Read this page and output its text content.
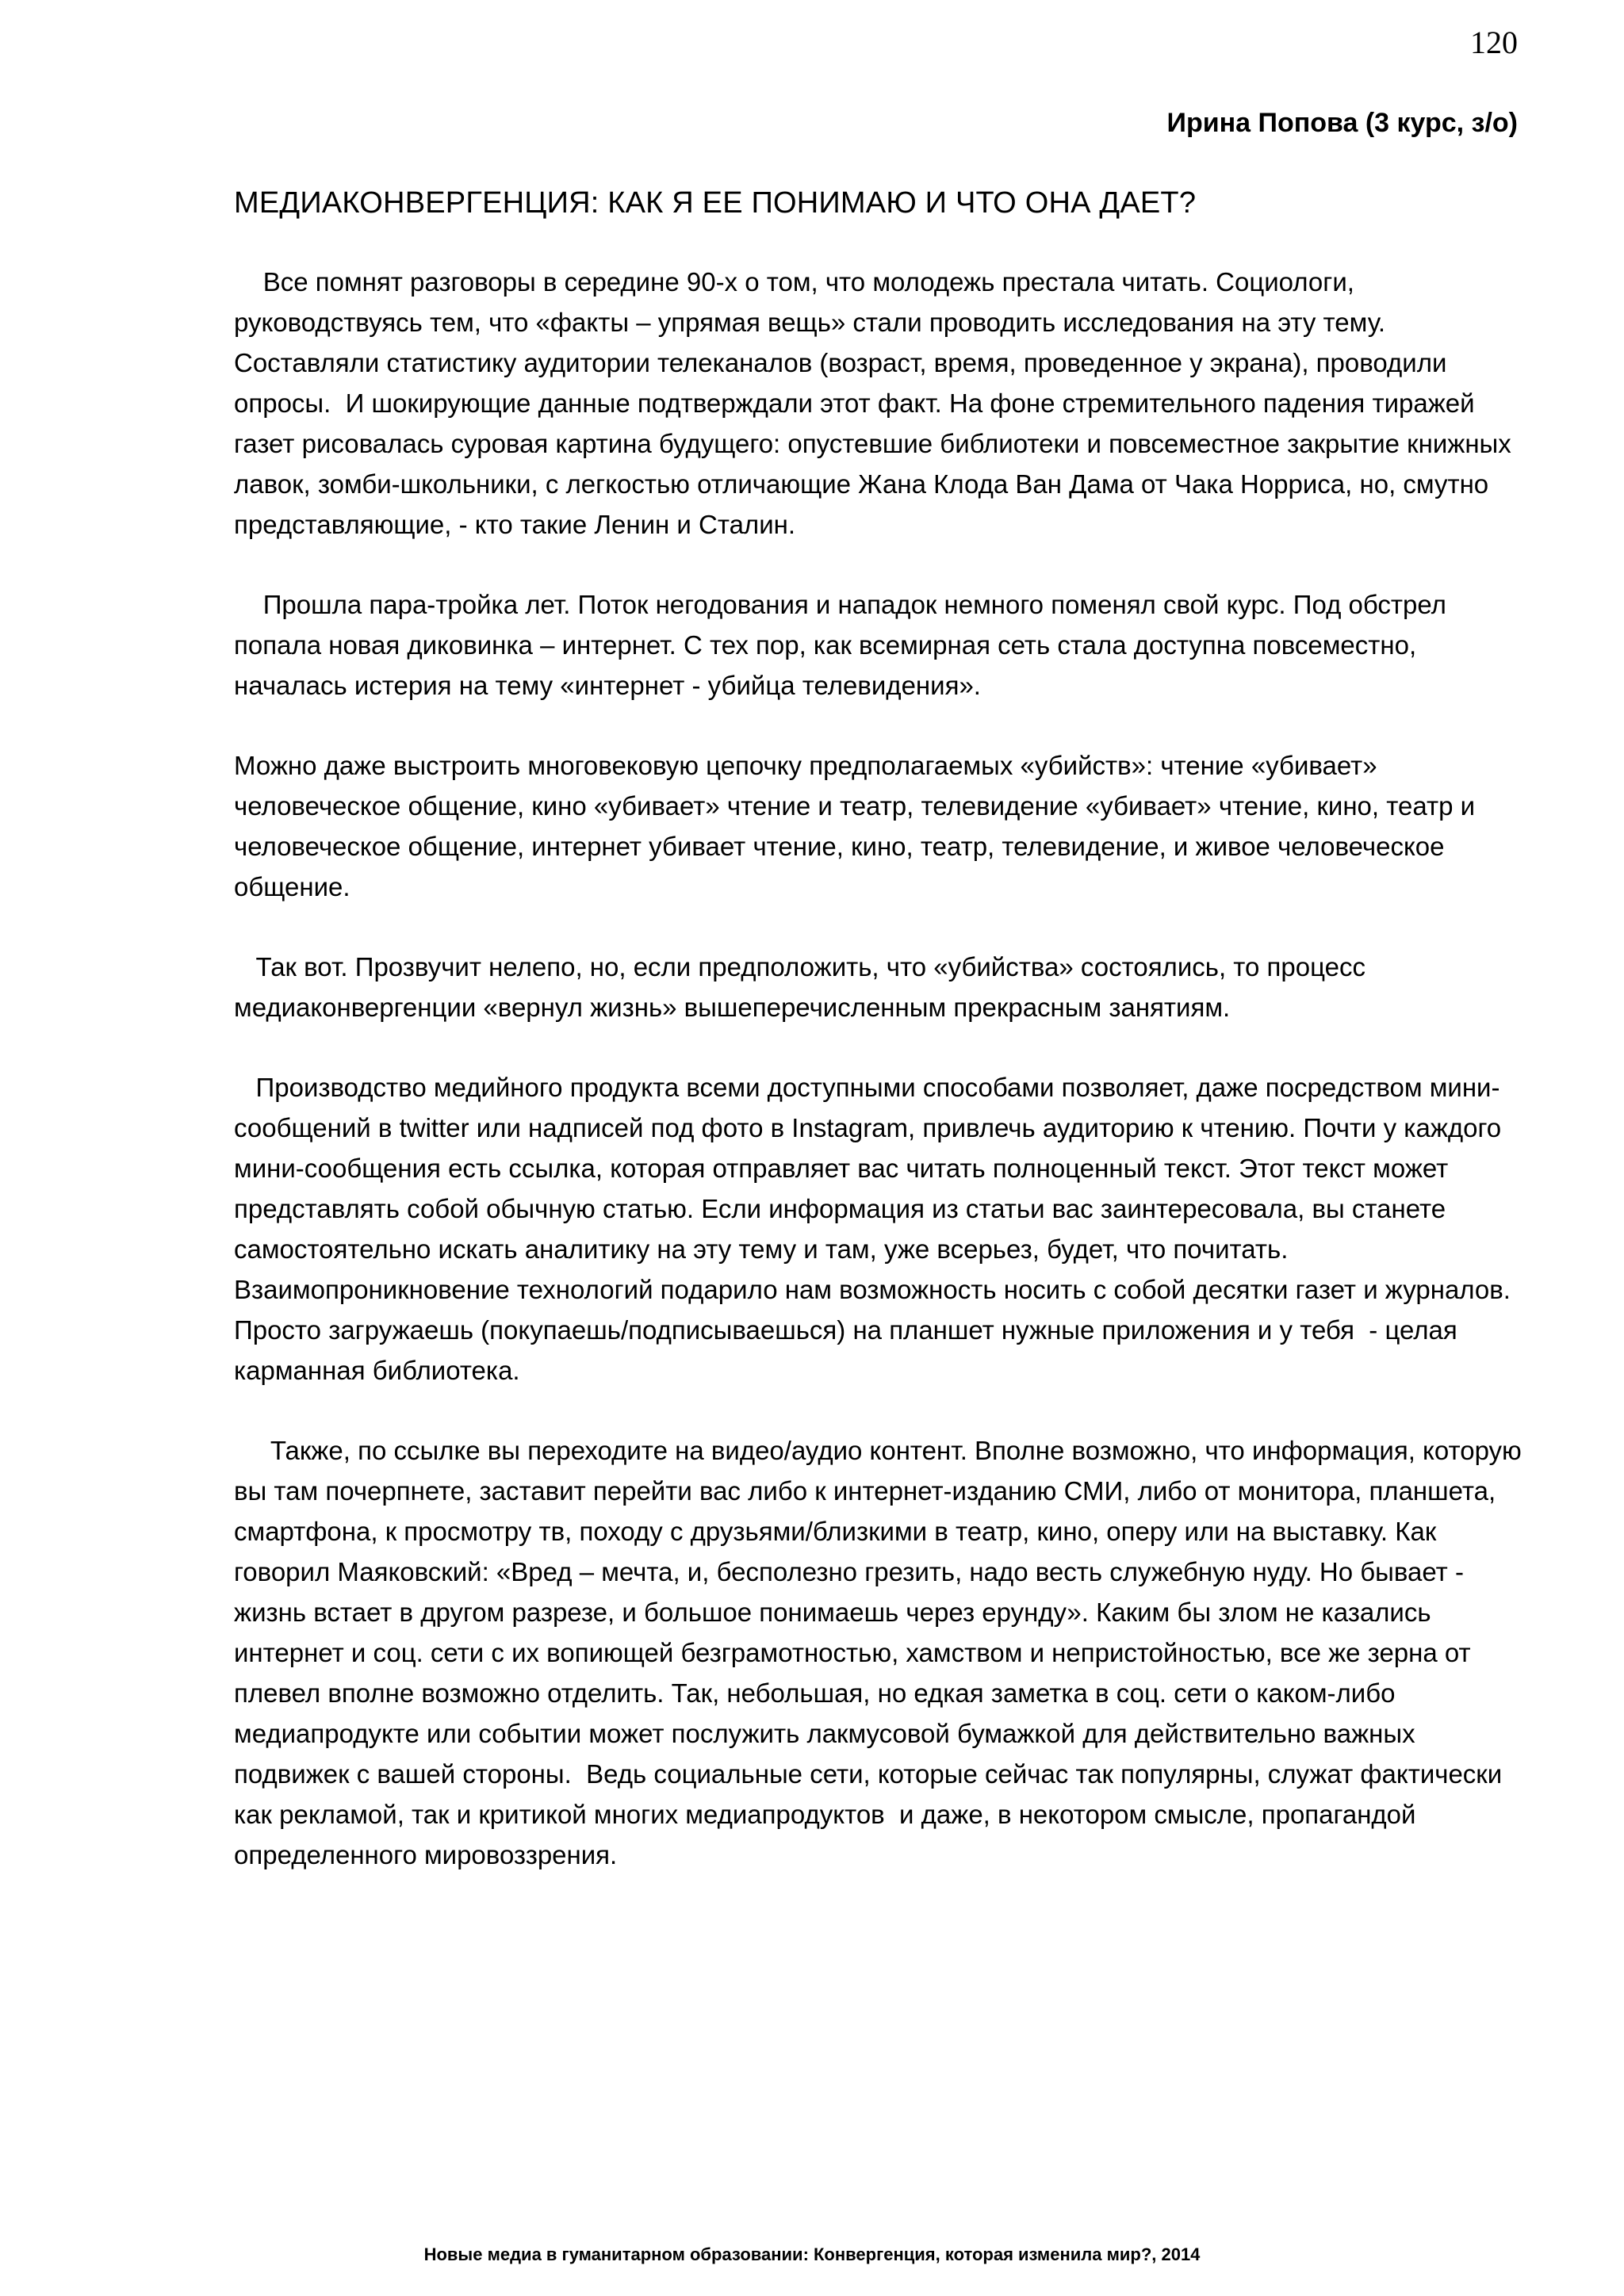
120
Ирина Попова (3 курс, з/о)
МЕДИАКОНВЕРГЕНЦИЯ: КАК Я ЕЕ ПОНИМАЮ И ЧТО ОНА ДАЕТ?

Все помнят разговоры в середине 90-х о том, что молодежь престала читать. Социологи, руководствуясь тем, что «факты – упрямая вещь» стали проводить исследования на эту тему. Составляли статистику аудитории телеканалов (возраст, время, проведенное у экрана), проводили опросы.  И шокирующие данные подтверждали этот факт. На фоне стремительного падения тиражей газет рисовалась суровая картина будущего: опустевшие библиотеки и повсеместное закрытие книжных лавок, зомби-школьники, с легкостью отличающие Жана Клода Ван Дама от Чака Норриса, но, смутно представляющие, - кто такие Ленин и Сталин.

Прошла пара-тройка лет. Поток негодования и нападок немного поменял свой курс. Под обстрел попала новая диковинка – интернет. С тех пор, как всемирная сеть стала доступна повсеместно, началась истерия на тему «интернет - убийца телевидения».

Можно даже выстроить многовековую цепочку предполагаемых «убийств»: чтение «убивает» человеческое общение, кино «убивает» чтение и театр, телевидение «убивает» чтение, кино, театр и человеческое общение, интернет убивает чтение, кино, театр, телевидение, и живое человеческое общение.

Так вот. Прозвучит нелепо, но, если предположить, что «убийства» состоялись, то процесс медиаконвергенции «вернул жизнь» вышеперечисленным прекрасным занятиям.

Производство медийного продукта всеми доступными способами позволяет, даже посредством мини-сообщений в twitter или надписей под фото в Instagram, привлечь аудиторию к чтению. Почти у каждого мини-сообщения есть ссылка, которая отправляет вас читать полноценный текст. Этот текст может представлять собой обычную статью. Если информация из статьи вас заинтересовала, вы станете самостоятельно искать аналитику на эту тему и там, уже всерьез, будет, что почитать. Взаимопроникновение технологий подарило нам возможность носить с собой десятки газет и журналов. Просто загружаешь (покупаешь/подписываешься) на планшет нужные приложения и у тебя  - целая карманная библиотека.

Также, по ссылке вы переходите на видео/аудио контент. Вполне возможно, что информация, которую вы там почерпнете, заставит перейти вас либо к интернет-изданию СМИ, либо от монитора, планшета, смартфона, к просмотру тв, походу с друзьями/близкими в театр, кино, оперу или на выставку. Как говорил Маяковский: «Вред – мечта, и, бесполезно грезить, надо весть служебную нуду. Но бывает - жизнь встает в другом разрезе, и большое понимаешь через ерунду». Каким бы злом не казались интернет и соц. сети с их вопиющей безграмотностью, хамством и непристойностью, все же зерна от плевел вполне возможно отделить. Так, небольшая, но едкая заметка в соц. сети о каком-либо медиапродукте или событии может послужить лакмусовой бумажкой для действительно важных подвижек с вашей стороны.  Ведь социальные сети, которые сейчас так популярны, служат фактически как рекламой, так и критикой многих медиапродуктов  и даже, в некотором смысле, пропагандой определенного мировоззрения.

Новые медиа в гуманитарном образовании: Конвергенция, которая изменила мир?, 2014
